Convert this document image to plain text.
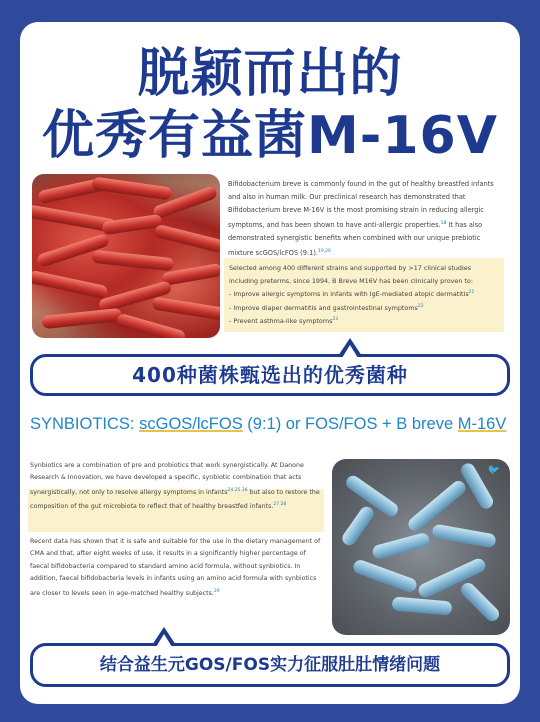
脱颖而出的
优秀有益菌M-16V
Bifidobacterium breve is commonly found in the gut of healthy breastfed infants and also in human milk. Our preclinical research has demonstrated that Bifidobacterium breve M-16V is the most promising strain in reducing allergic symptoms, and has been shown to have anti-allergic properties.$^{18}$ It has also demonstrated synergistic benefits when combined with our unique prebiotic mixture scGOS/lcFOS (9:1).$^{19,20}$
Selected among 400 different strains and supported by >17 clinical studies including preterms, since 1994, B Breve M16V has been clinically proven to:
- Improve allergic symptoms in infants with IgE-mediated atopic dermatitis$^{21}$
- Improve diaper dermatitis and gastrointestinal symptoms$^{22}$
- Prevent asthma-like symptoms$^{23}$
400种菌株甄选出的优秀菌种
SYNBIOTICS: scGOS/lcFOS (9:1) or FOS/FOS + B breve M-16V
Synbiotics are a combination of pre and probiotics that work synergistically. At Danone Research & Innovation, we have developed a specific, synbiotic combination that acts synergistically, not only to resolve allergy symptoms in infants$^{24 25 26}$ but also to restore the composition of the gut microbiota to reflect that of healthy breastfed infants.$^{27 28}$
Recent data has shown that it is safe and suitable for the use in the dietary management of CMA and that, after eight weeks of use, it results in a significantly higher percentage of faecal bifidobacteria compared to standard amino acid formula, without synbiotics. In addition, faecal bifidobacteria levels in infants using an amino acid formula with synbiotics are closer to levels seen in age-matched healthy subjects.$^{29}$
🐦
结合益生元GOS/FOS实力征服肚肚情绪问题
